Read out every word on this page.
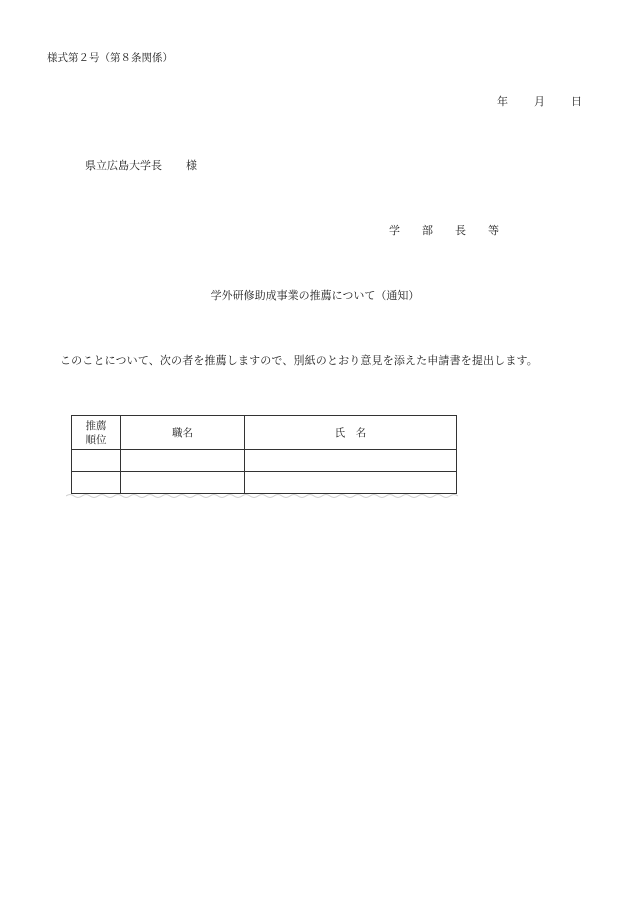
様式第２号（第８条関係）
年 月 日
県立広島大学長 様
学 部 長 等
学外研修助成事業の推薦について（通知）
このことについて、次の者を推薦しますので、別紙のとおり意見を添えた申請書を提出します。
推薦
順位	職名	氏　名
